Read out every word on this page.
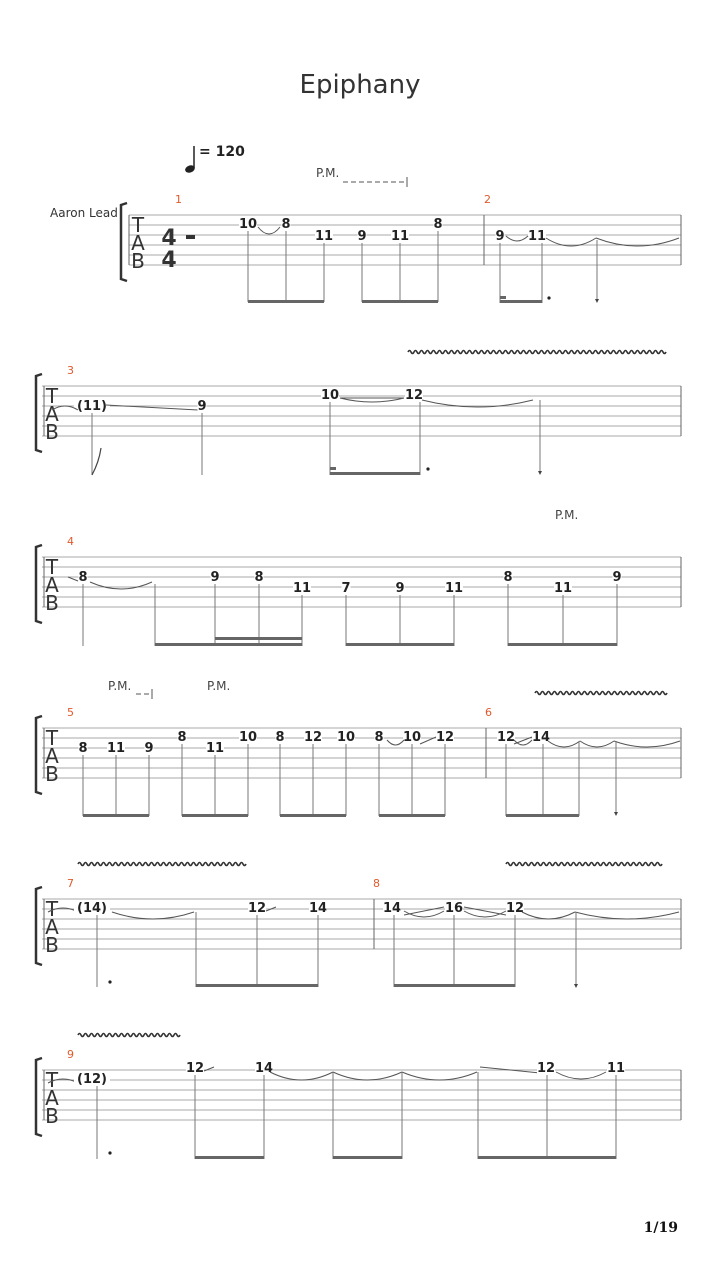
Epiphany
Aaron Lead
= 120
T
A
B
4
4
1	2
P.M.
10 8
11 9 11
8
9 11
T
A
B
3
(11)	9
10	12
T
A
B
4
P.M.
8	9	8
11 7	9	11
8
11
9
T
A
B
5	6
P.M.	P.M.
8 11 9
8
11
10 8 12 10 8 10 12	12 14
T
A
B
7	8
(14)	12	14	14	16	12
T
A
B
9
(12)
12	14	12	11
1/19
